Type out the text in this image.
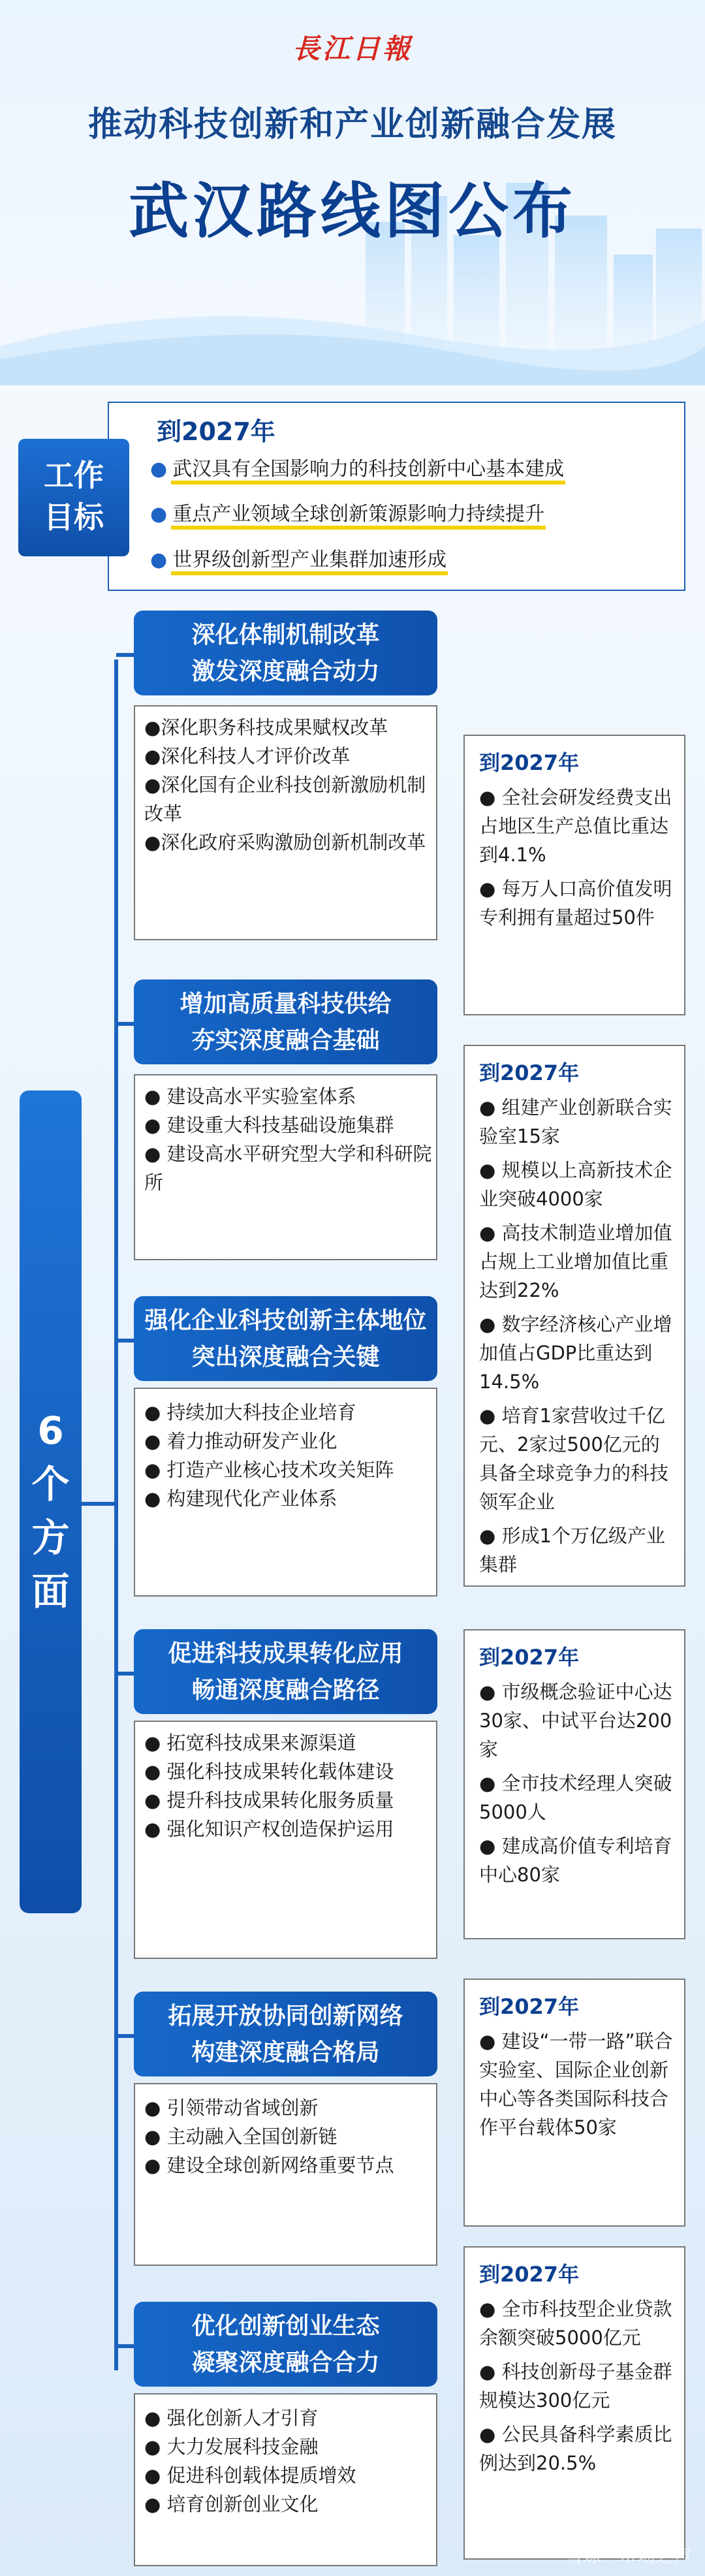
長江日報
推动科技创新和产业创新融合发展
武汉路线图公布
工作
目标
到2027年
● 武汉具有全国影响力的科技创新中心基本建成
● 重点产业领域全球创新策源影响力持续提升
● 世界级创新型产业集群加速形成
6
个
方
面
深化体制机制改革
激发深度融合动力
●深化职务科技成果赋权改革
●深化科技人才评价改革
●深化国有企业科技创新激励机制改革
●深化政府采购激励创新机制改革
到2027年
● 全社会研发经费支出占地区生产总值比重达到4.1%
● 每万人口高价值发明专利拥有量超过50件
增加高质量科技供给
夯实深度融合基础
● 建设高水平实验室体系
● 建设重大科技基础设施集群
● 建设高水平研究型大学和科研院所
到2027年
● 组建产业创新联合实验室15家
● 规模以上高新技术企业突破4000家
● 高技术制造业增加值占规上工业增加值比重达到22%
● 数字经济核心产业增加值占GDP比重达到14.5%
● 培育1家营收过千亿元、2家过500亿元的具备全球竞争力的科技领军企业
● 形成1个万亿级产业集群
强化企业科技创新主体地位
突出深度融合关键
● 持续加大科技企业培育
● 着力推动研发产业化
● 打造产业核心技术攻关矩阵
● 构建现代化产业体系
促进科技成果转化应用
畅通深度融合路径
● 拓宽科技成果来源渠道
● 强化科技成果转化载体建设
● 提升科技成果转化服务质量
● 强化知识产权创造保护运用
到2027年
● 市级概念验证中心达30家、中试平台达200家
● 全市技术经理人突破5000人
● 建成高价值专利培育中心80家
拓展开放协同创新网络
构建深度融合格局
● 引领带动省域创新
● 主动融入全国创新链
● 建设全球创新网络重要节点
到2027年
● 建设“一带一路”联合实验室、国际企业创新中心等各类国际科技合作平台载体50家
优化创新创业生态
凝聚深度融合合力
● 强化创新人才引育
● 大力发展科技金融
● 促进科创载体提质增效
● 培育创新创业文化
到2027年
● 全市科技型企业贷款余额突破5000亿元
● 科技创新母子基金群规模达300亿元
● 公民具备科学素质比例达到20.5%
雪球 · 市场之声
